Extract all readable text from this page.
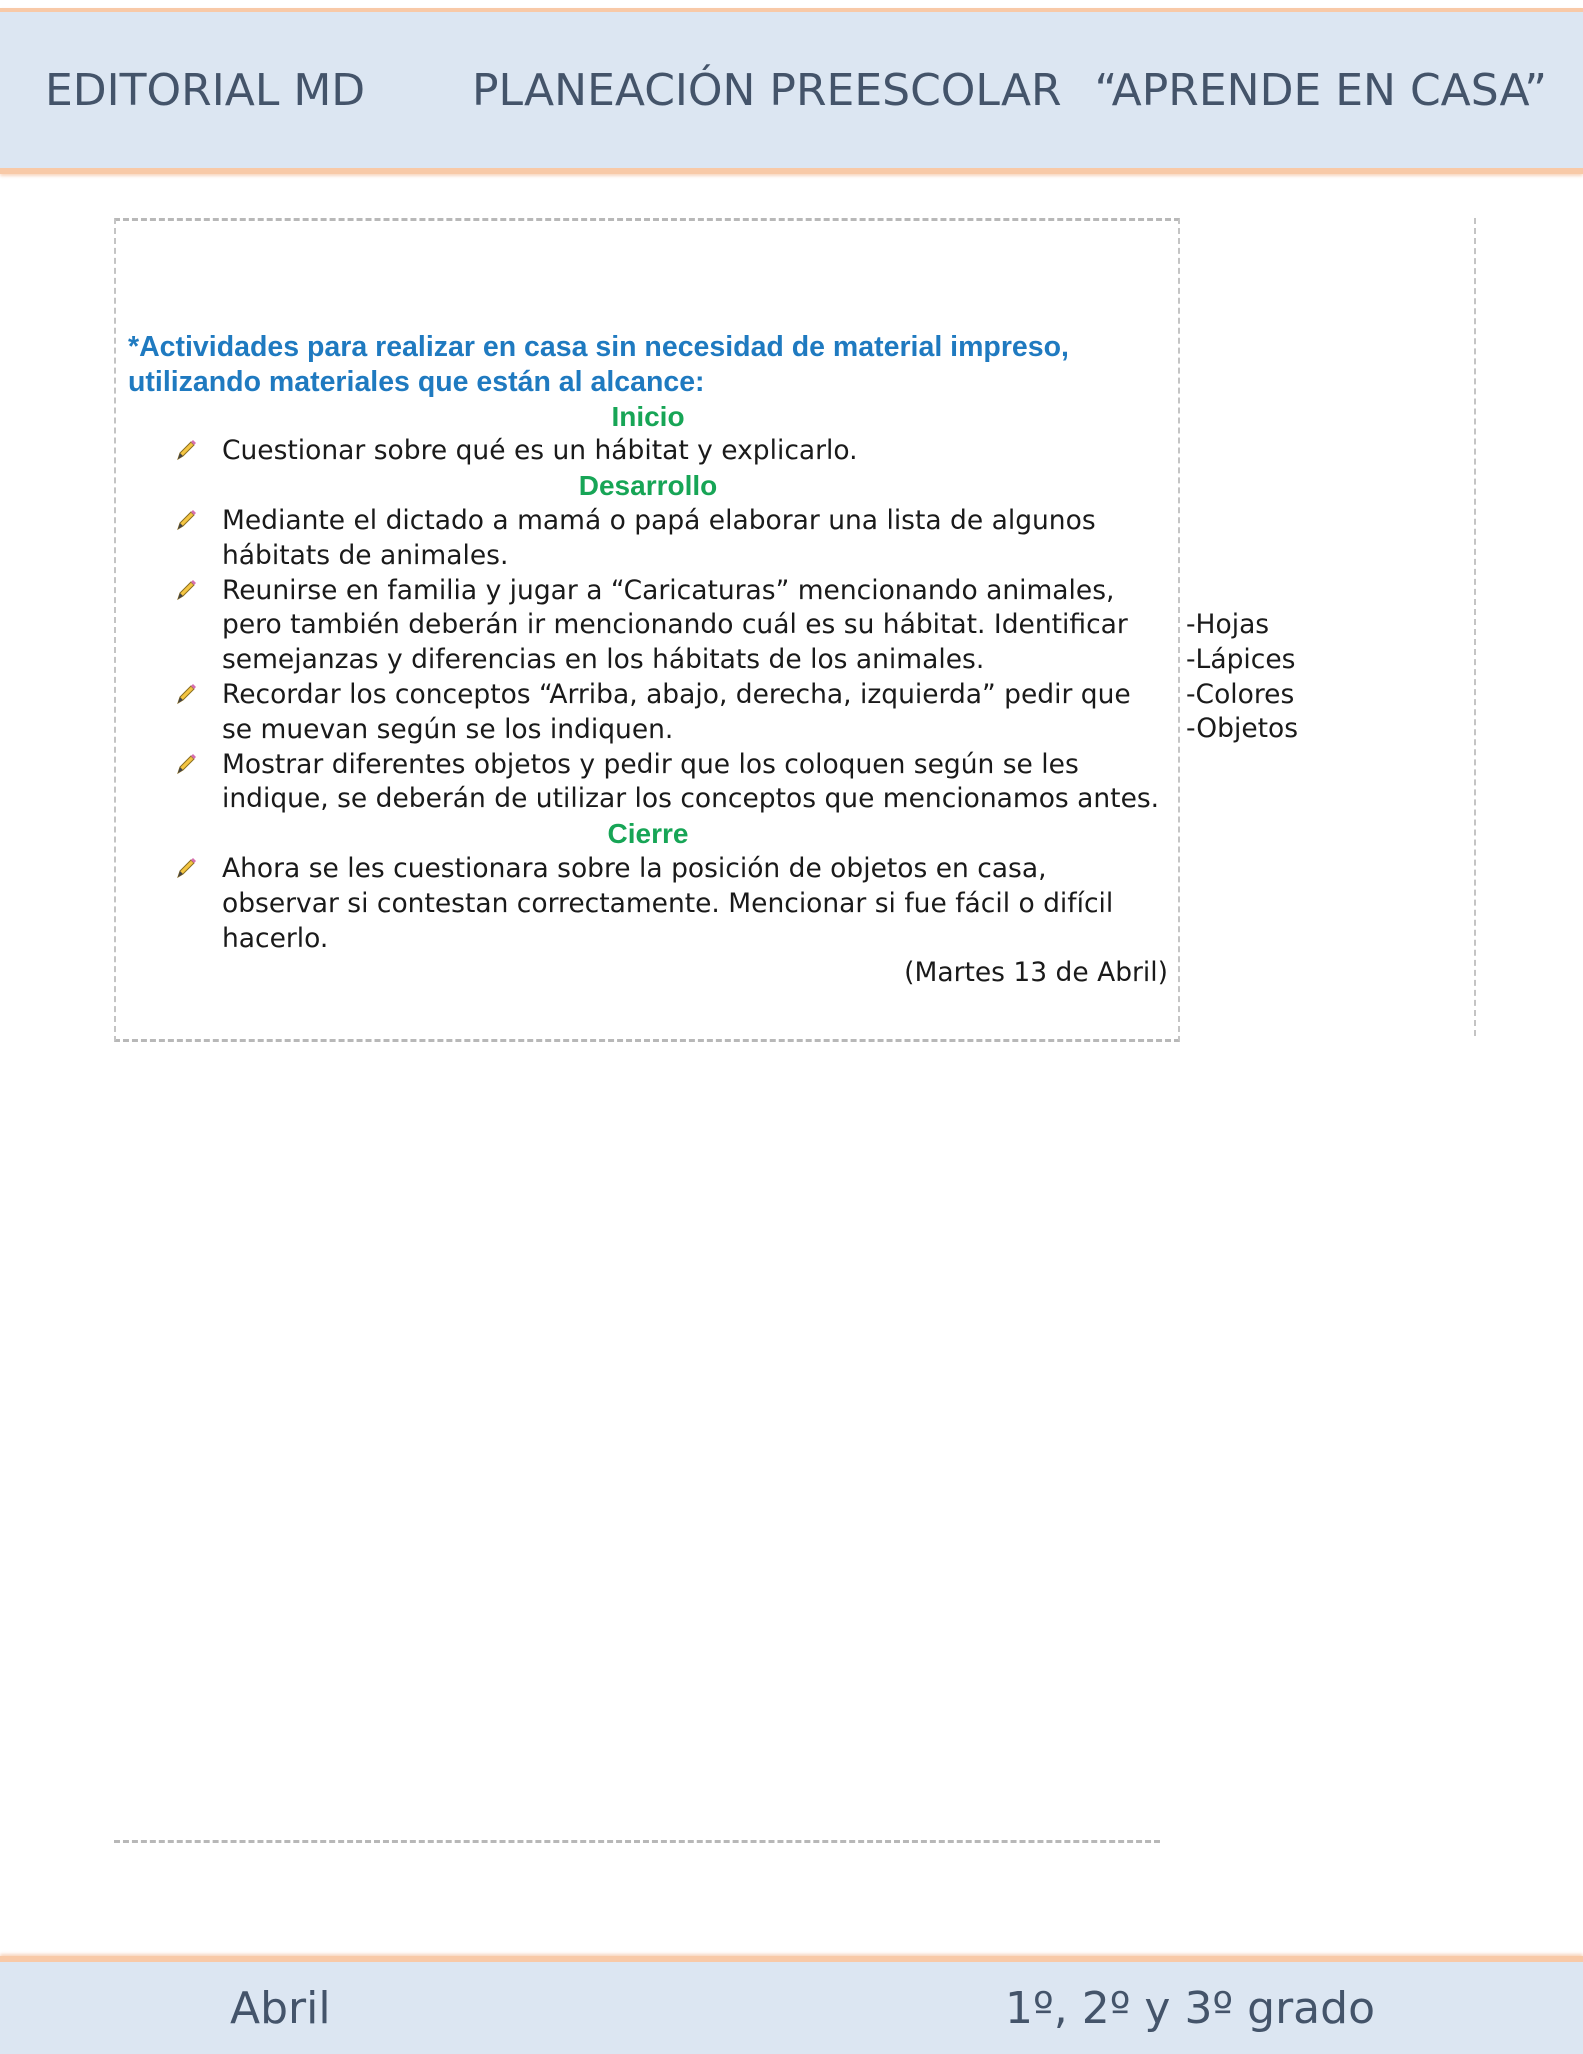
EDITORIAL MD PLANEACIÓN PREESCOLAR “APRENDE EN CASA”
*Actividades para realizar en casa sin necesidad de material impreso, utilizando materiales que están al alcance:
Inicio
Cuestionar sobre qué es un hábitat y explicarlo.
Desarrollo
Mediante el dictado a mamá o papá elaborar una lista de algunos hábitats de animales.
Reunirse en familia y jugar a “Caricaturas” mencionando animales, pero también deberán ir mencionando cuál es su hábitat. Identificar semejanzas y diferencias en los hábitats de los animales.
Recordar los conceptos “Arriba, abajo, derecha, izquierda” pedir que se muevan según se los indiquen.
Mostrar diferentes objetos y pedir que los coloquen según se les indique, se deberán de utilizar los conceptos que mencionamos antes.
Cierre
Ahora se les cuestionara sobre la posición de objetos en casa, observar si contestan correctamente. Mencionar si fue fácil o difícil hacerlo.
(Martes 13 de Abril)
-Hojas
-Lápices
-Colores
-Objetos
Abril	1º, 2º y 3º grado
